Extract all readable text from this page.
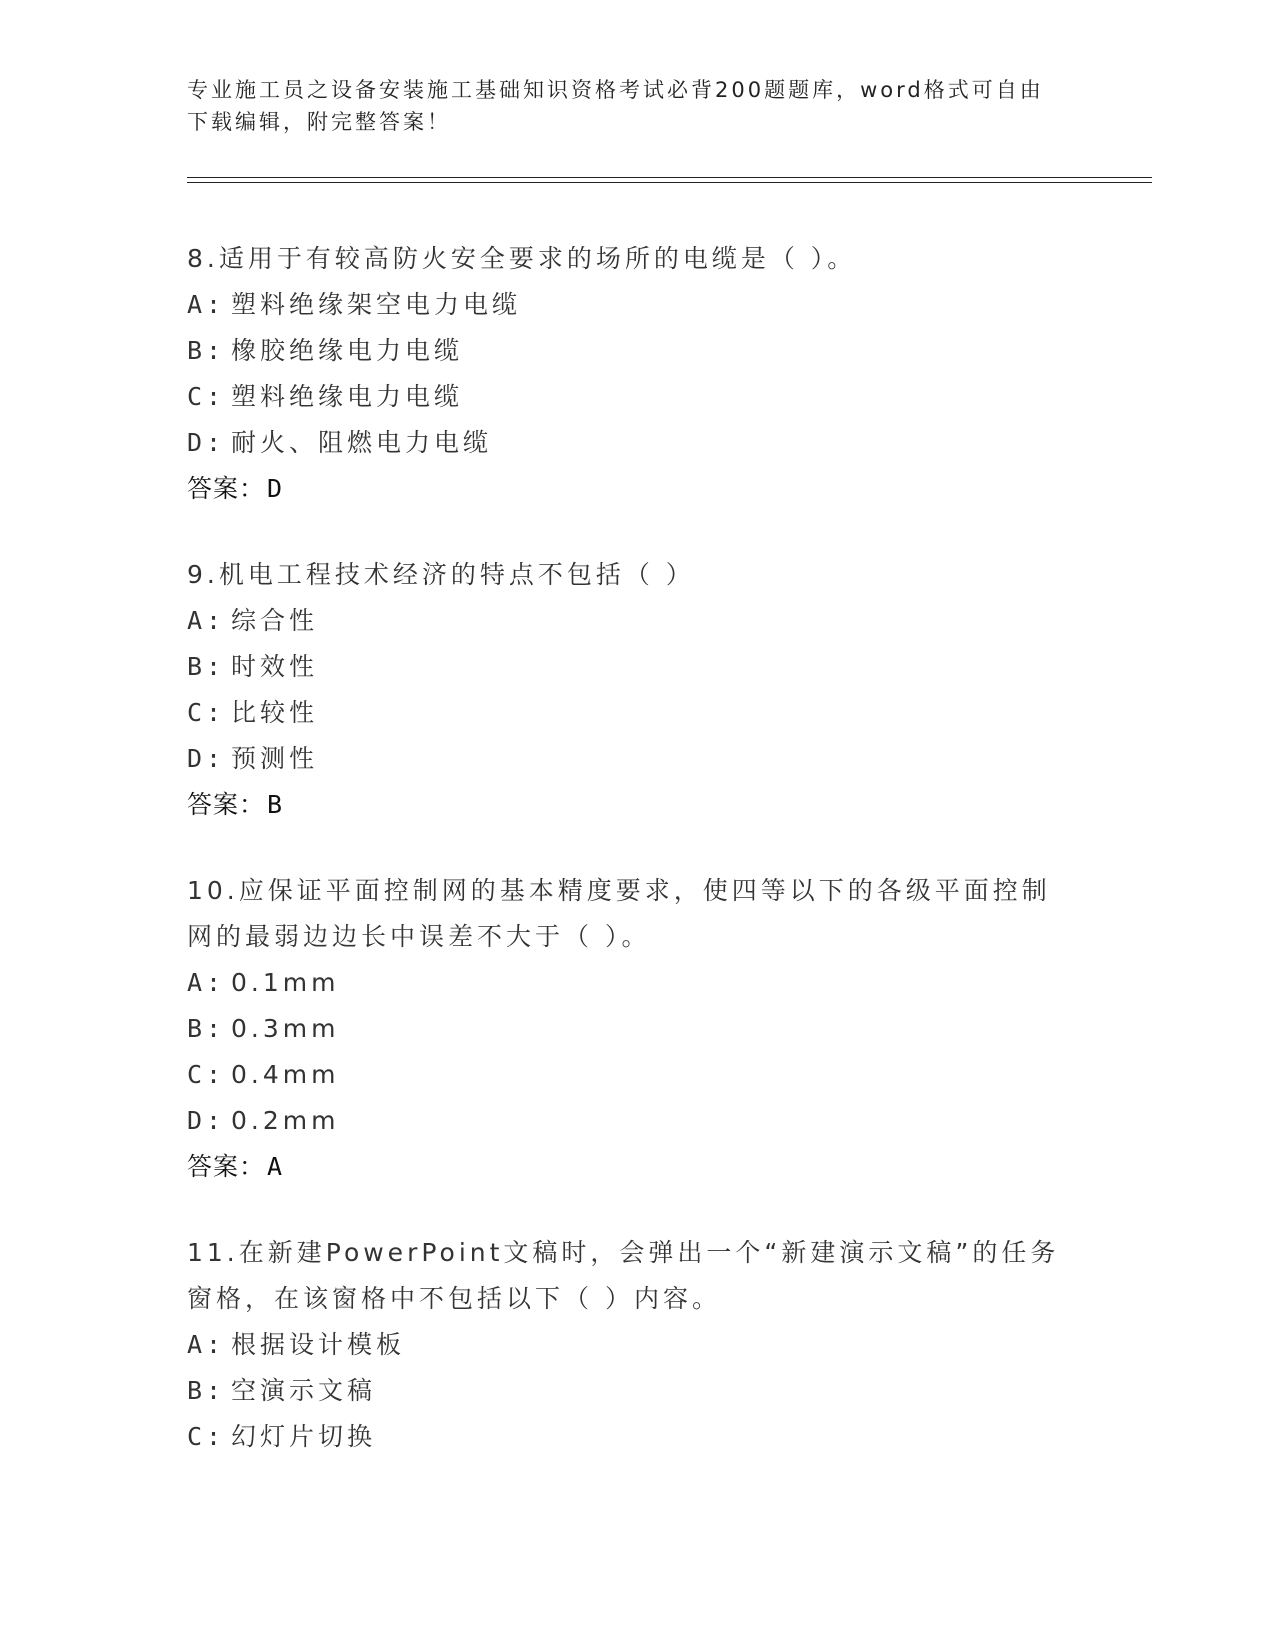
专业施工员之设备安装施工基础知识资格考试必背200题题库，word格式可自由下载编辑，附完整答案！

8.适用于有较高防火安全要求的场所的电缆是（ ）。

A: 塑料绝缘架空电力电缆
B: 橡胶绝缘电力电缆
C: 塑料绝缘电力电缆
D: 耐火、阻燃电力电缆
答案：D

9.机电工程技术经济的特点不包括（ ）

A: 综合性
B: 时效性
C: 比较性
D: 预测性
答案：B

10.应保证平面控制网的基本精度要求，使四等以下的各级平面控制网的最弱边边长中误差不大于（ ）。

A: 0.1mm
B: 0.3mm
C: 0.4mm
D: 0.2mm
答案：A

11.在新建PowerPoint文稿时，会弹出一个“新建演示文稿”的任务窗格，在该窗格中不包括以下（ ）内容。

A: 根据设计模板
B: 空演示文稿
C: 幻灯片切换
